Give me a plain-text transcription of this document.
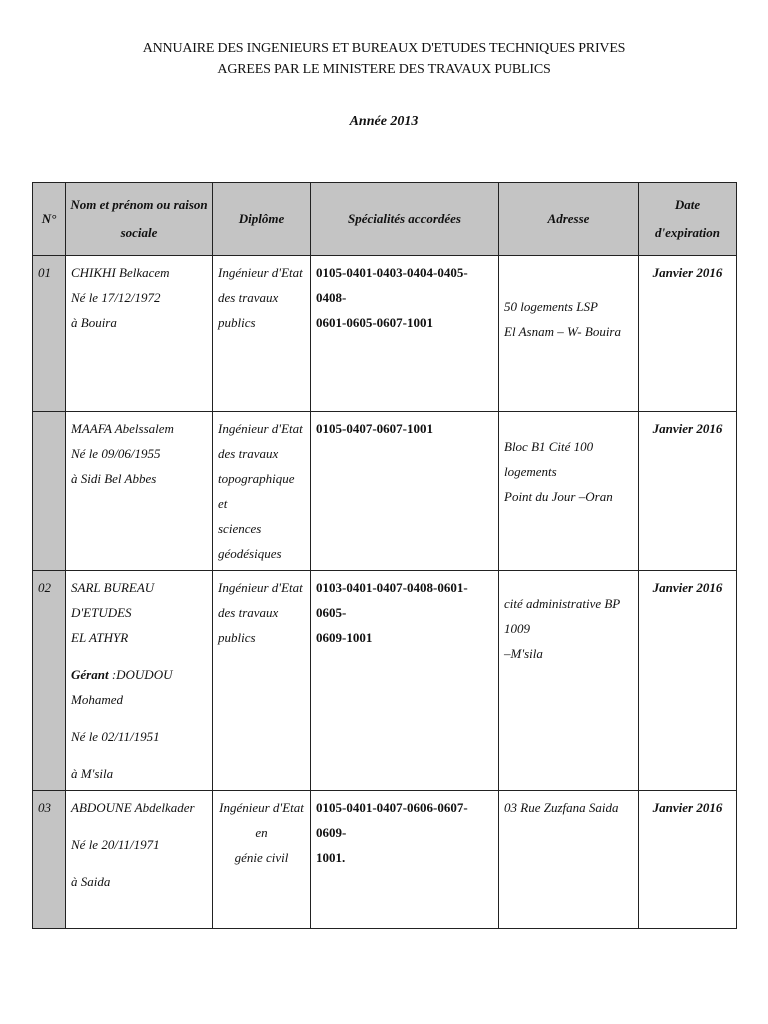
ANNUAIRE DES INGENIEURS ET BUREAUX D'ETUDES TECHNIQUES PRIVES
AGREES PAR LE MINISTERE DES TRAVAUX PUBLICS
Année 2013
N°	Nom et prénom ou raison sociale	Diplôme	Spécialités accordées	Adresse	Date d'expiration
01	CHIKHI Belkacem
Né le 17/12/1972
à Bouira	Ingénieur d'Etat
des travaux publics	0105-0401-0403-0404-0405-0408-
0601-0605-0607-1001	50 logements LSP
El Asnam – W- Bouira	Janvier 2016

	MAAFA Abelssalem
Né le 09/06/1955
à Sidi Bel Abbes	Ingénieur d'Etat
des travaux
topographique et
sciences
géodésiques	0105-0407-0607-1001	Bloc B1 Cité 100 logements
Point du Jour –Oran	Janvier 2016
02	SARL BUREAU D'ETUDES
EL ATHYR
Gérant :DOUDOU Mohamed
Né le 02/11/1951
à M'sila	Ingénieur d'Etat
des travaux publics	0103-0401-0407-0408-0601-0605-
0609-1001	cité administrative BP 1009
–M'sila	Janvier 2016
03	ABDOUNE Abdelkader
Né le 20/11/1971
à Saida	Ingénieur d'Etat en
génie civil	0105-0401-0407-0606-0607-0609-
1001.	03 Rue Zuzfana Saida	Janvier 2016
